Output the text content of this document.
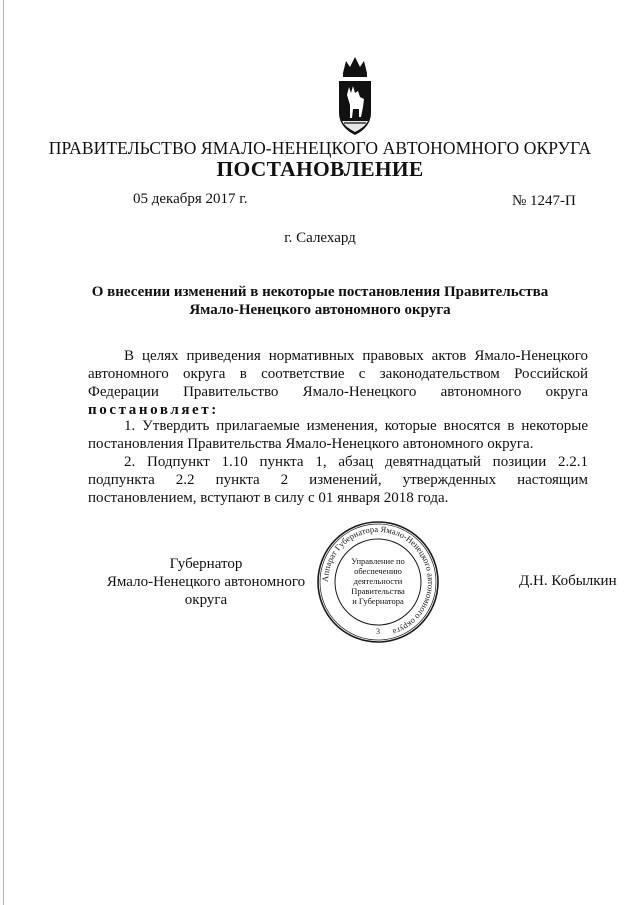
ПРАВИТЕЛЬСТВО ЯМАЛО-НЕНЕЦКОГО АВТОНОМНОГО ОКРУГА
ПОСТАНОВЛЕНИЕ
05 декабря 2017 г.	№ 1247-П
г. Салехард
О внесении изменений в некоторые постановления Правительства
Ямало-Ненецкого автономного округа
В целях приведения нормативных правовых актов Ямало-Ненецкого автономного округа в соответствие с законодательством Российской Федерации Правительство Ямало-Ненецкого автономного округа постановляет:
1. Утвердить прилагаемые изменения, которые вносятся в некоторые постановления Правительства Ямало-Ненецкого автономного округа.
2. Подпункт 1.10 пункта 1, абзац девятнадцатый позиции 2.2.1 подпункта 2.2 пункта 2 изменений, утвержденных настоящим постановлением, вступают в силу с 01 января 2018 года.
Губернатор
Ямало-Ненецкого автономного округа
Д.Н. Кобылкин
Аппарат Губернатора Ямало-Ненецкого автономного округа
3
Управление по
обеспечению
деятельности
Правительства
и Губернатора
